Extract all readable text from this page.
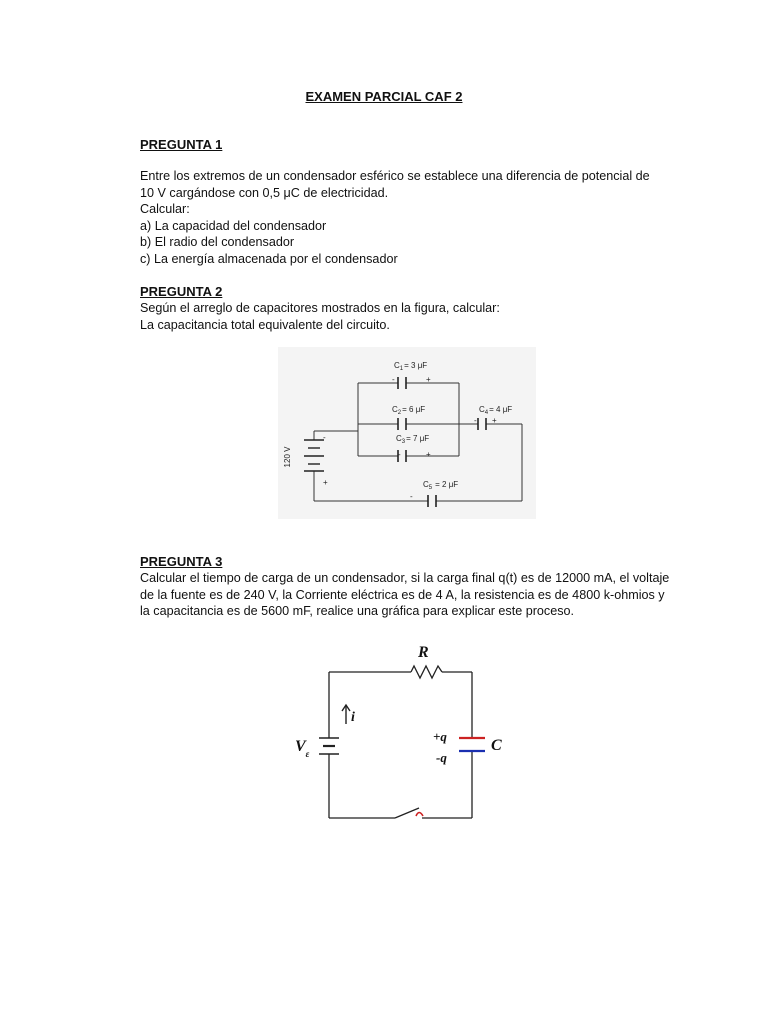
EXAMEN PARCIAL CAF 2
PREGUNTA 1
Entre los extremos de un condensador esférico se establece una diferencia de potencial de
10 V cargándose con 0,5 μC de electricidad.
Calcular:
a) La capacidad del condensador
b) El radio del condensador
c) La energía almacenada por el condensador
PREGUNTA 2
Según el arreglo de capacitores mostrados en la figura, calcular:
La capacitancia total equivalente del circuito.
$C_1= 3$ μF
-	+
$C_2= 6$ μF
$C_3= 7$ μF
-	+
$C_4= 4$ μF
- +
$C_5 = 2$ μF
-
-
+
120 V
PREGUNTA 3
Calcular el tiempo de carga de un condensador, si la carga final q(t) es de 12000 mA, el voltaje
de la fuente es de 240 V, la Corriente eléctrica es de 4 A, la resistencia es de 4800 k-ohmios y
la capacitancia es de 5600 mF, realice una gráfica para explicar este proceso.
R
C
i
+q
-q
$V_\varepsilon$
